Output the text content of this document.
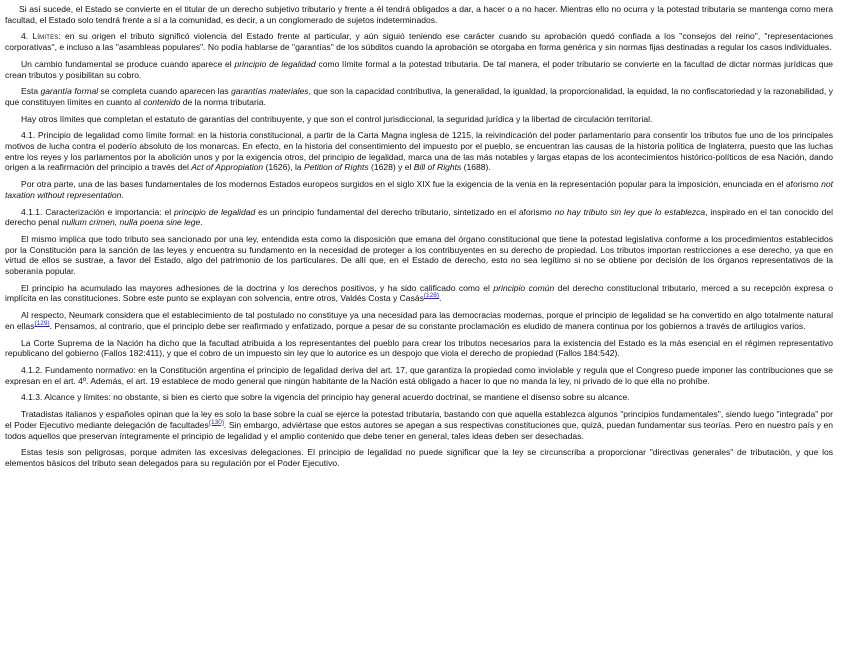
Si así sucede, el Estado se convierte en el titular de un derecho subjetivo tributario y frente a él tendrá obligados a dar, a hacer o a no hacer. Mientras ello no ocurra y la potestad tributaria se mantenga como mera facultad, el Estado solo tendrá frente a sí a la comunidad, es decir, a un conglomerado de sujetos indeterminados.

4. Límites: en su origen el tributo significó violencia del Estado frente al particular, y aún siguió teniendo ese carácter cuando su aprobación quedó confiada a los "consejos del reino", "representaciones corporativas", e incluso a las "asambleas populares". No podía hablarse de "garantías" de los súbditos cuando la aprobación se otorgaba en forma genérica y sin normas fijas destinadas a regular los casos individuales.

Un cambio fundamental se produce cuando aparece el principio de legalidad como límite formal a la potestad tributaria. De tal manera, el poder tributario se convierte en la facultad de dictar normas jurídicas que crean tributos y posibilitan su cobro.

Esta garantía formal se completa cuando aparecen las garantías materiales, que son la capacidad contributiva, la generalidad, la igualdad, la proporcionalidad, la equidad, la no confiscatoriedad y la razonabilidad, y que constituyen límites en cuanto al contenido de la norma tributaria.

Hay otros límites que completan el estatuto de garantías del contribuyente, y que son el control jurisdiccional, la seguridad jurídica y la libertad de circulación territorial.

4.1. Principio de legalidad como límite formal: en la historia constitucional, a partir de la Carta Magna inglesa de 1215, la reivindicación del poder parlamentario para consentir los tributos fue uno de los principales motivos de lucha contra el poderío absoluto de los monarcas. En efecto, en la historia del consentimiento del impuesto por el pueblo, se encuentran las causas de la historia política de Inglaterra, puesto que las luchas entre los reyes y los parlamentos por la abolición unos y por la exigencia otros, del principio de legalidad, marca una de las más notables y largas etapas de los acontecimientos histórico-políticos de esa Nación, dando origen a la reafirmación del principio a través del Act of Appropiation (1626), la Petition of Rights (1628) y el Bill of Rights (1688).

Por otra parte, una de las bases fundamentales de los modernos Estados europeos surgidos en el siglo XIX fue la exigencia de la venia en la representación popular para la imposición, enunciada en el aforismo not taxation without representation.

4.1.1. Caracterización e importancia: el principio de legalidad es un principio fundamental del derecho tributario, sintetizado en el aforismo no hay tributo sin ley que lo establezca, inspirado en el tan conocido del derecho penal nullum crimen, nulla poena sine lege.

El mismo implica que todo tributo sea sancionado por una ley, entendida esta como la disposición que emana del órgano constitucional que tiene la potestad legislativa conforme a los procedimientos establecidos por la Constitución para la sanción de las leyes y encuentra su fundamento en la necesidad de proteger a los contribuyentes en su derecho de propiedad. Los tributos importan restricciones a ese derecho, ya que en virtud de ellos se sustrae, a favor del Estado, algo del patrimonio de los particulares. De allí que, en el Estado de derecho, esto no sea legítimo si no se obtiene por decisión de los órganos representativos de la soberanía popular.

El principio ha acumulado las mayores adhesiones de la doctrina y los derechos positivos, y ha sido calificado como el principio común del derecho constitucional tributario, merced a su recepción expresa o implícita en las constituciones. Sobre este punto se explayan con solvencia, entre otros, Valdés Costa y Casás$^{(128)}$.

Al respecto, Neumark considera que el establecimiento de tal postulado no constituye ya una necesidad para las democracias modernas, porque el principio de legalidad se ha convertido en algo totalmente natural en ellas$^{(129)}$. Pensamos, al contrario, que el principio debe ser reafirmado y enfatizado, porque a pesar de su constante proclamación es eludido de manera continua por los gobiernos a través de artilugios varios.

La Corte Suprema de la Nación ha dicho que la facultad atribuida a los representantes del pueblo para crear los tributos necesarios para la existencia del Estado es la más esencial en el régimen representativo republicano del gobierno (Fallos 182:411), y que el cobro de un impuesto sin ley que lo autorice es un despojo que viola el derecho de propiedad (Fallos 184:542).

4.1.2. Fundamento normativo: en la Constitución argentina el principio de legalidad deriva del art. 17, que garantiza la propiedad como inviolable y regula que el Congreso puede imponer las contribuciones que se expresan en el art. 4º. Además, el art. 19 establece de modo general que ningún habitante de la Nación está obligado a hacer lo que no manda la ley, ni privado de lo que ella no prohíbe.

4.1.3. Alcance y límites: no obstante, si bien es cierto que sobre la vigencia del principio hay general acuerdo doctrinal, se mantiene el disenso sobre su alcance.

Tratadistas italianos y españoles opinan que la ley es solo la base sobre la cual se ejerce la potestad tributaria, bastando con que aquella establezca algunos "principios fundamentales", siendo luego "integrada" por el Poder Ejecutivo mediante delegación de facultades$^{(130)}$. Sin embargo, adviértase que estos autores se apegan a sus respectivas constituciones que, quizá, puedan fundamentar sus teorías. Pero en nuestro país y en todos aquellos que preservan íntegramente el principio de legalidad y el amplio contenido que debe tener en general, tales ideas deben ser desechadas.

Estas tesis son peligrosas, porque admiten las excesivas delegaciones. El principio de legalidad no puede significar que la ley se circunscriba a proporcionar "directivas generales" de tributación, y que los elementos básicos del tributo sean delegados para su regulación por el Poder Ejecutivo.
